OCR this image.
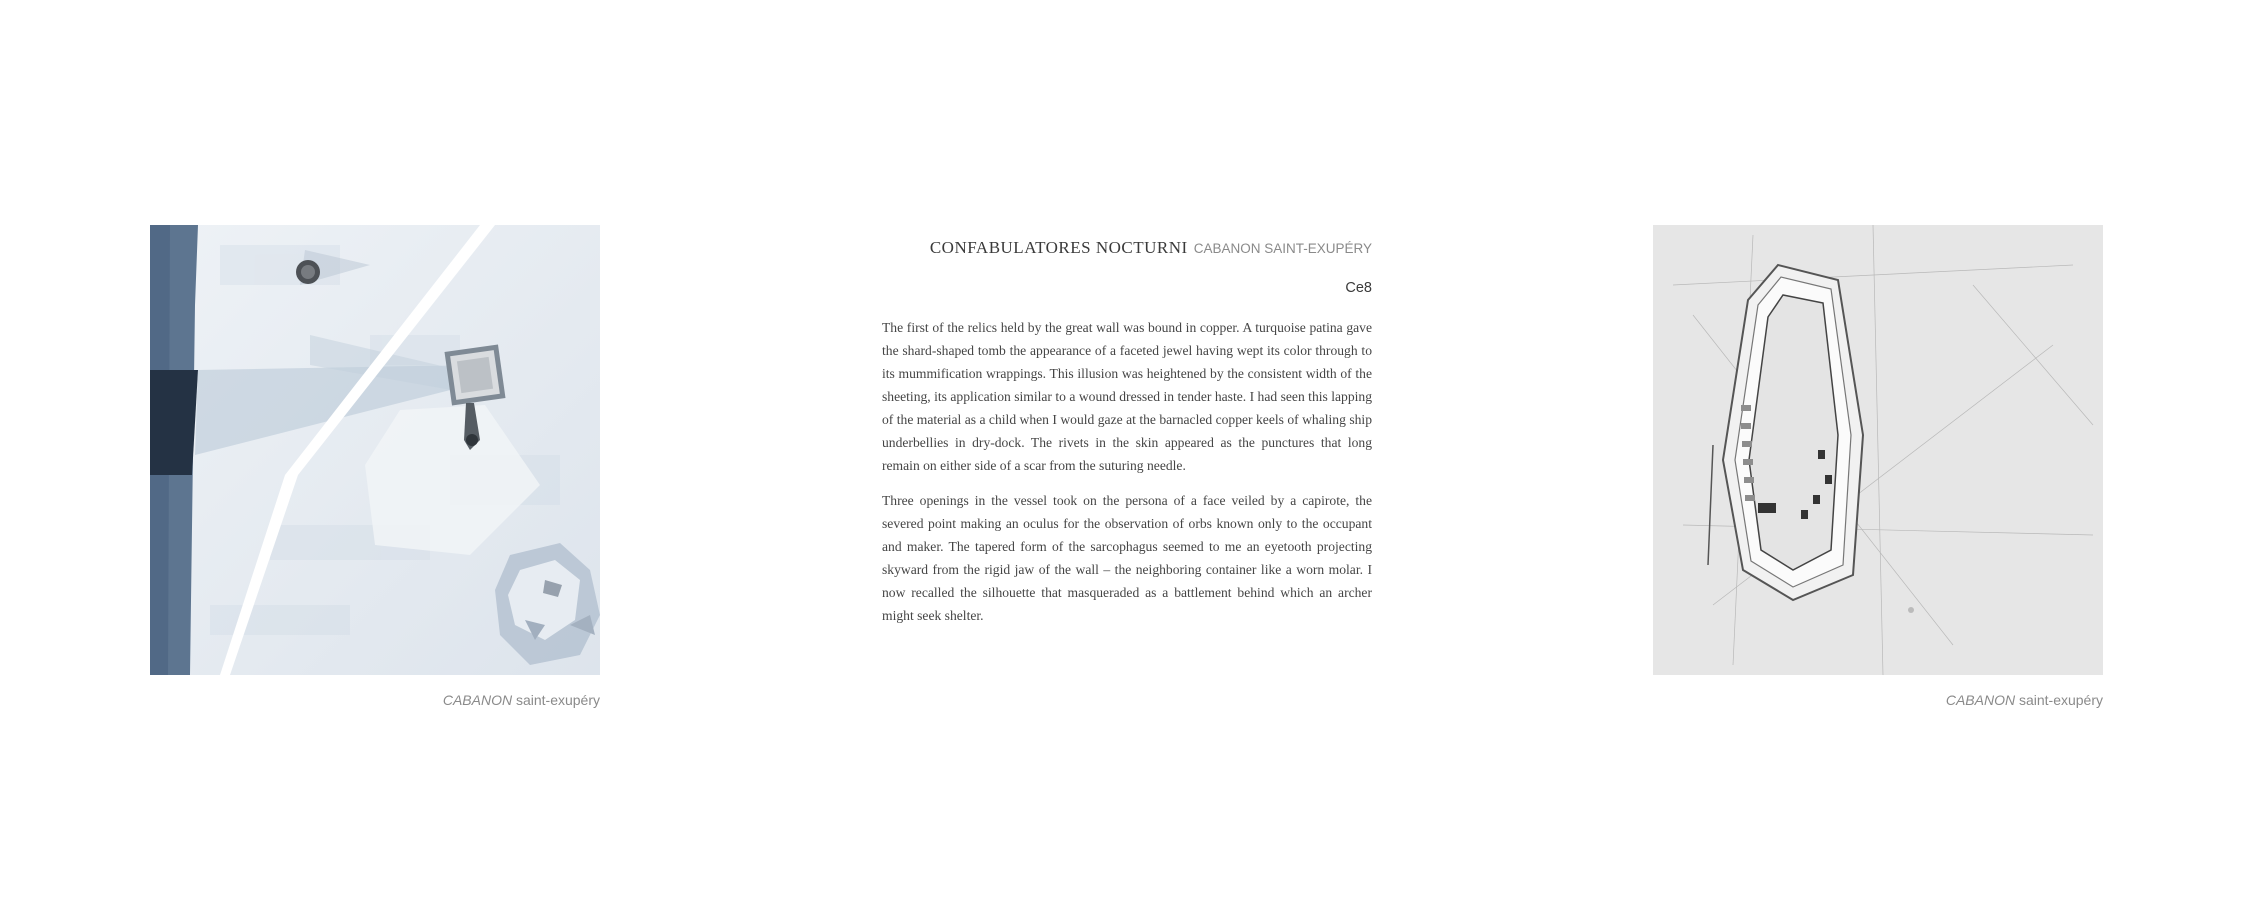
CONFABULATORES NOCTURNI CABANON SAINT-EXUPÉRY
Ce8

The first of the relics held by the great wall was bound in copper. A turquoise patina gave the shard-shaped tomb the appearance of a faceted jewel having wept its color through to its mummification wrappings. This illusion was heightened by the consistent width of the sheeting, its application similar to a wound dressed in tender haste. I had seen this lapping of the material as a child when I would gaze at the barnacled copper keels of whaling ship underbellies in dry-dock. The rivets in the skin appeared as the punctures that long remain on either side of a scar from the suturing needle.

Three openings in the vessel took on the persona of a face veiled by a capirote, the severed point making an oculus for the observation of orbs known only to the occupant and maker. The tapered form of the sarcophagus seemed to me an eyetooth projecting skyward from the rigid jaw of the wall – the neighboring container like a worn molar. I now recalled the silhouette that masqueraded as a battlement behind which an archer might seek shelter.

CABANON saint-exupéry	CABANON saint-exupéry
